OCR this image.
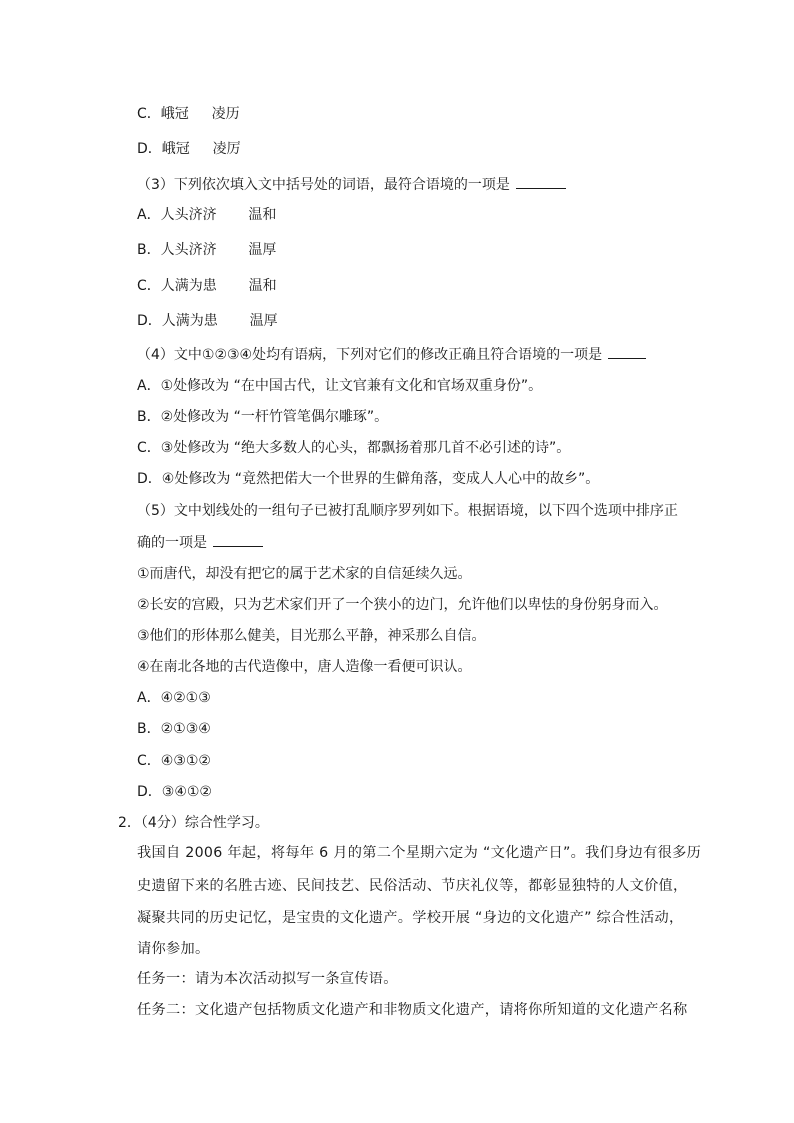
C．峨冠　  凌历
D．峨冠　  凌厉
（3）下列依次填入文中括号处的词语，最符合语境的一项是
A．人头济济　    温和
B．人头济济　    温厚
C．人满为患　    温和
D．人满为患　    温厚
（4）文中①②③④处均有语病，下列对它们的修改正确且符合语境的一项是
A．①处修改为 “在中国古代，让文官兼有文化和官场双重身份”。
B．②处修改为 “一杆竹管笔偶尔雕琢”。
C．③处修改为 “绝大多数人的心头，都飘扬着那几首不必引述的诗”。
D．④处修改为 “竟然把偌大一个世界的生僻角落，变成人人心中的故乡”。
（5）文中划线处的一组句子已被打乱顺序罗列如下。根据语境，以下四个选项中排序正
确的一项是
①而唐代，却没有把它的属于艺术家的自信延续久远。
②长安的宫殿，只为艺术家们开了一个狭小的边门，允许他们以卑怯的身份躬身而入。
③他们的形体那么健美，目光那么平静，神采那么自信。
④在南北各地的古代造像中，唐人造像一看便可识认。
A．④②①③
B．②①③④
C．④③①②
D．③④①②
2．（4分）综合性学习。
我国自 2006 年起，将每年 6 月的第二个星期六定为 “文化遗产日”。我们身边有很多历
史遗留下来的名胜古迹、民间技艺、民俗活动、节庆礼仪等，都彰显独特的人文价值，
凝聚共同的历史记忆，是宝贵的文化遗产。学校开展 “身边的文化遗产” 综合性活动，
请你参加。
任务一：请为本次活动拟写一条宣传语。
任务二：文化遗产包括物质文化遗产和非物质文化遗产，请将你所知道的文化遗产名称
